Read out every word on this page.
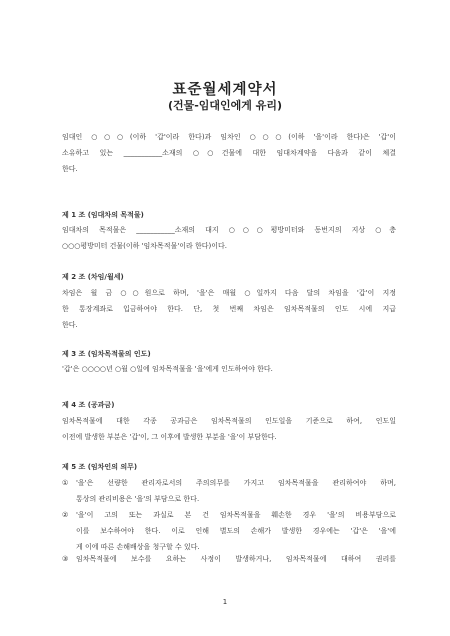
표준월세계약서
(건물-임대인에게 유리)
임대인 ○○○(이하 '갑'이라 한다)과 임차인 ○○○(이하 '을'이라 한다)은 '갑'이
소유하고 있는 ___________소재의 ○○건물에 대한 임대차계약을 다음과 같이 체결
한다.
제 1 조 (임대차의 목적물)
임대차의 목적물은 ___________소재의 대지 ○○○평방미터와 동번지의 지상 ○층
○○○평방미터 건물(이하 '임차목적물'이라 한다)이다.
제 2 조 (차임/월세)
차임은 월 금 ○○원으로 하며, '을'은 매월 ○일까지 다음 달의 차임을 '갑'이 지정
한 통장계좌로 입금하여야 한다. 단, 첫 번째 차임은 임차목적물의 인도 시에 지급
한다.
제 3 조 (임차목적물의 인도)
'갑'은 ○○○○년 ○월 ○일에 임차목적물을 '을'에게 인도하여야 한다.
제 4 조 (공과금)
임차목적물에 대한 각종 공과금은 임차목적물의 인도일을 기준으로 하여, 인도일
이전에 발생한 부분은 '갑'이, 그 이후에 발생한 부분을 '을'이 부담한다.
제 5 조 (임차인의 의무)
① '을'은 선량한 관리자로서의 주의의무를 가지고 임차목적물을 관리하여야 하며,
통상의 관리비용은 '을'의 부담으로 한다.
② '을'이 고의 또는 과실로 본 건 임차목적물을 훼손한 경우 '을'의 비용부담으로
이를 보수하여야 한다. 이로 인해 별도의 손해가 발생한 경우에는 '갑'은 '을'에
게 이에 따른 손해배상을 청구할 수 있다.
③ 임차목적물에 보수를 요하는 사정이 발생하거나, 임차목적물에 대하여 권리를
1
